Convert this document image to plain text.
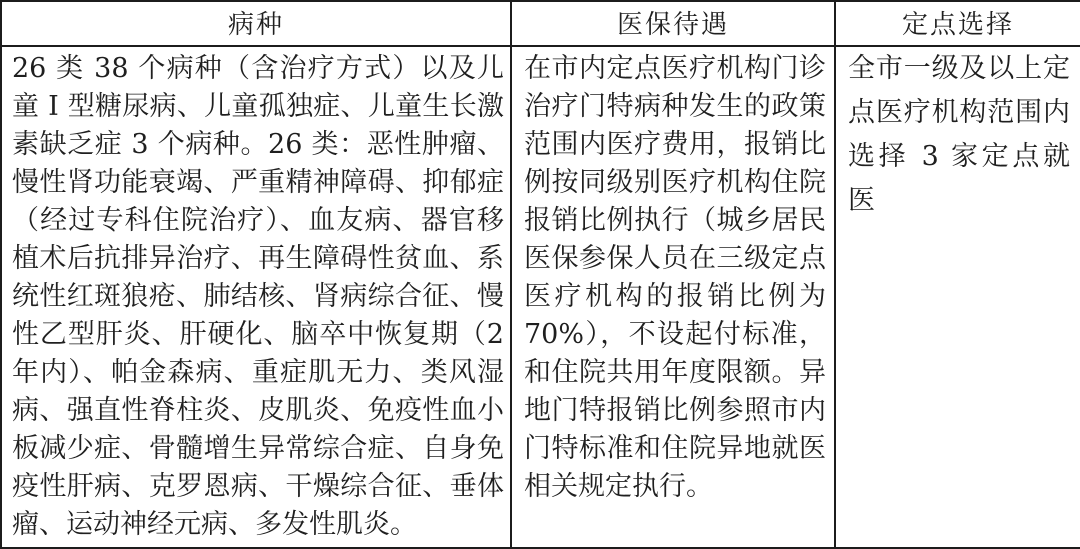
病种	医保待遇	定点选择
26 类 38 个病种（含治疗方式）以及儿童 I 型糖尿病、儿童孤独症、儿童生长激素缺乏症 3 个病种。26 类：恶性肿瘤、慢性肾功能衰竭、严重精神障碍、抑郁症（经过专科住院治疗）、血友病、器官移植术后抗排异治疗、再生障碍性贫血、系统性红斑狼疮、肺结核、肾病综合征、慢性乙型肝炎、肝硬化、脑卒中恢复期（2 年内）、帕金森病、重症肌无力、类风湿病、强直性脊柱炎、皮肌炎、免疫性血小板减少症、骨髓增生异常综合症、自身免疫性肝病、克罗恩病、干燥综合征、垂体瘤、运动神经元病、多发性肌炎。	在市内定点医疗机构门诊治疗门特病种发生的政策范围内医疗费用，报销比例按同级别医疗机构住院报销比例执行（城乡居民医保参保人员在三级定点医疗机构的报销比例为 70%），不设起付标准，和住院共用年度限额。异地门特报销比例参照市内门特标准和住院异地就医相关规定执行。	全市一级及以上定点医疗机构范围内选择 3 家定点就医
